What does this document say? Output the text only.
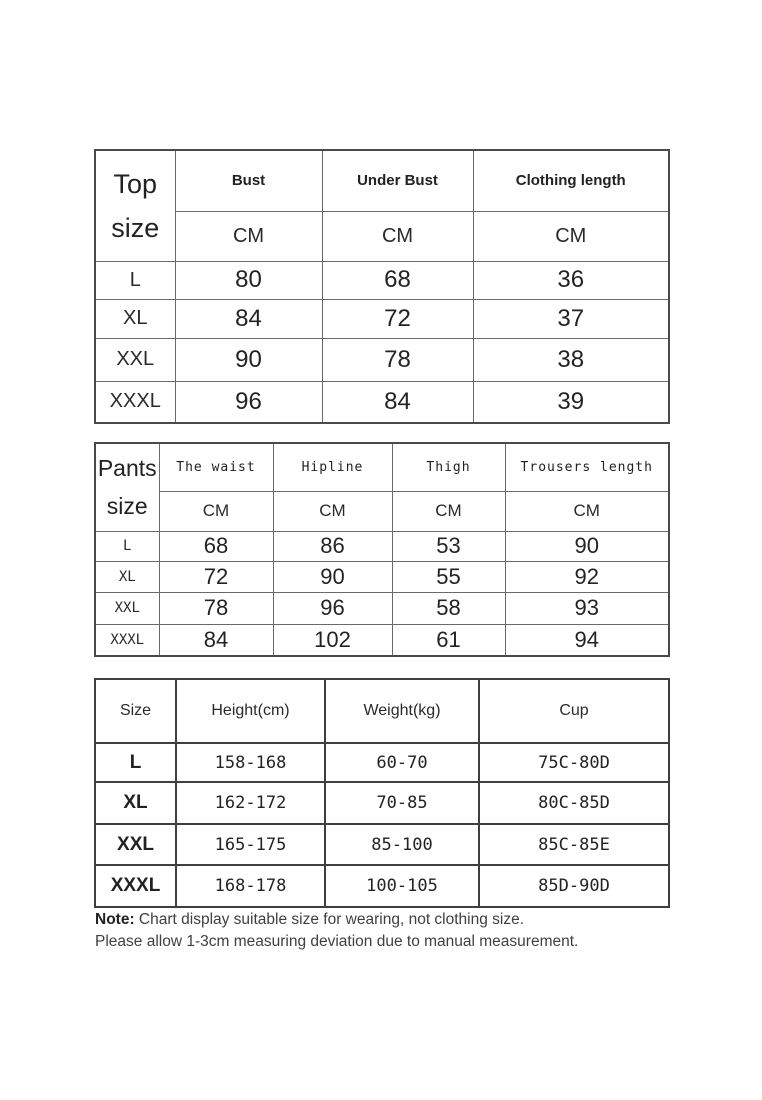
Top
size	Bust	Under Bust	Clothing length
	CM	CM	CM
L	80	68	36
XL	84	72	37
XXL	90	78	38
XXXL	96	84	39
Pants
size	The waist	Hipline	Thigh	Trousers length
	CM	CM	CM	CM
L	68	86	53	90
XL	72	90	55	92
XXL	78	96	58	93
XXXL	84	102	61	94
Size	Height(cm)	Weight(kg)	Cup
L	158-168	60-70	75C-80D
XL	162-172	70-85	80C-85D
XXL	165-175	85-100	85C-85E
XXXL	168-178	100-105	85D-90D
Note: Chart display suitable size for wearing, not clothing size.
Please allow 1-3cm measuring deviation due to manual measurement.
